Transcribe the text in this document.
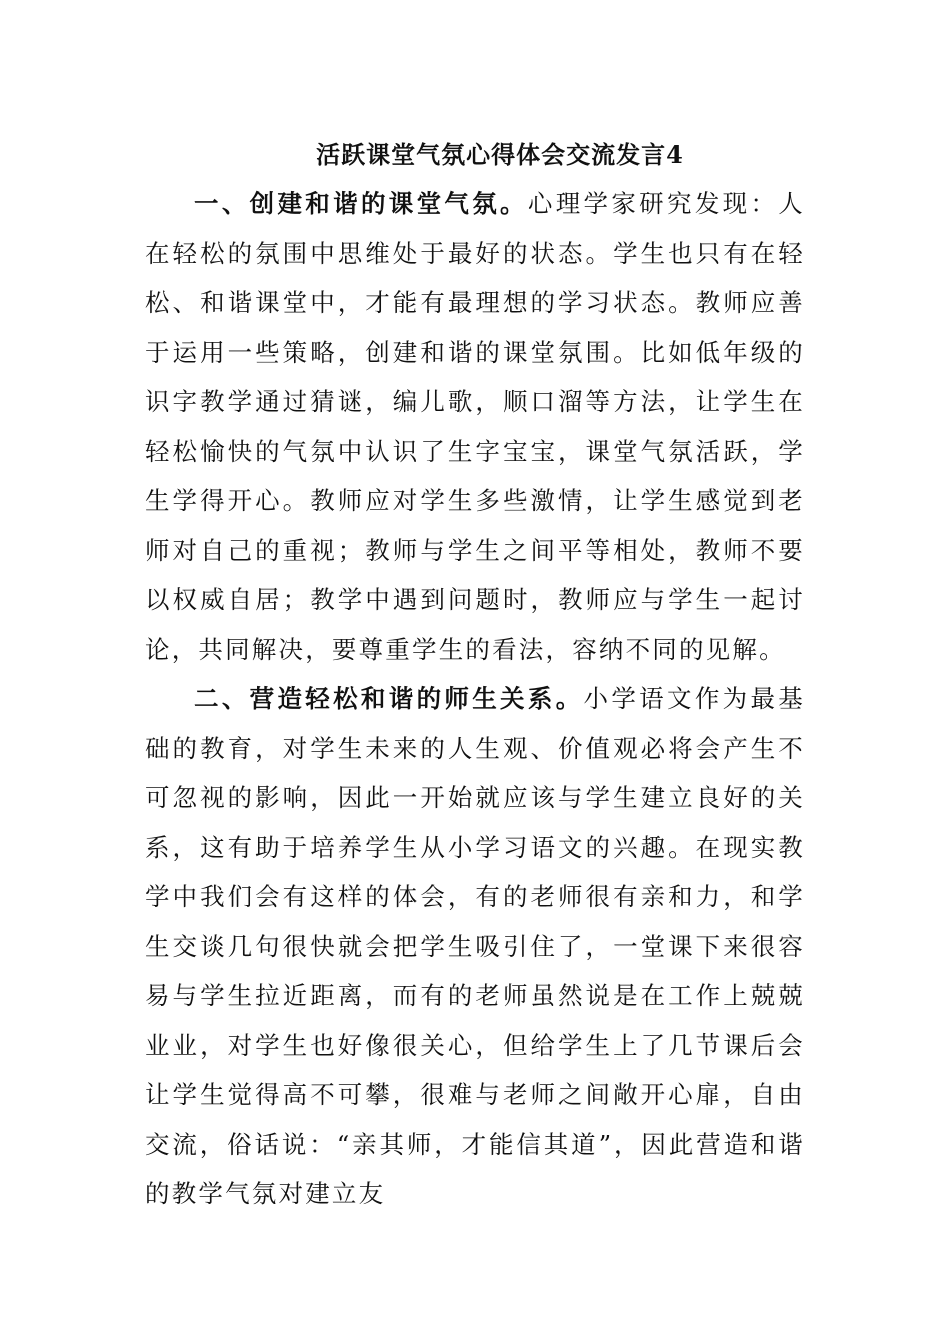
活跃课堂气氛心得体会交流发言4

一、创建和谐的课堂气氛。心理学家研究发现：人在轻松的氛围中思维处于最好的状态。学生也只有在轻松、和谐课堂中，才能有最理想的学习状态。教师应善于运用一些策略，创建和谐的课堂氛围。比如低年级的识字教学通过猜谜，编儿歌，顺口溜等方法，让学生在轻松愉快的气氛中认识了生字宝宝，课堂气氛活跃，学生学得开心。教师应对学生多些激情，让学生感觉到老师对自己的重视；教师与学生之间平等相处，教师不要以权威自居；教学中遇到问题时，教师应与学生一起讨论，共同解决，要尊重学生的看法，容纳不同的见解。

二、营造轻松和谐的师生关系。小学语文作为最基础的教育，对学生未来的人生观、价值观必将会产生不可忽视的影响，因此一开始就应该与学生建立良好的关系，这有助于培养学生从小学习语文的兴趣。在现实教学中我们会有这样的体会，有的老师很有亲和力，和学生交谈几句很快就会把学生吸引住了，一堂课下来很容易与学生拉近距离，而有的老师虽然说是在工作上兢兢业业，对学生也好像很关心，但给学生上了几节课后会让学生觉得高不可攀，很难与老师之间敞开心扉，自由交流，俗话说：“亲其师，才能信其道”，因此营造和谐的教学气氛对建立友
